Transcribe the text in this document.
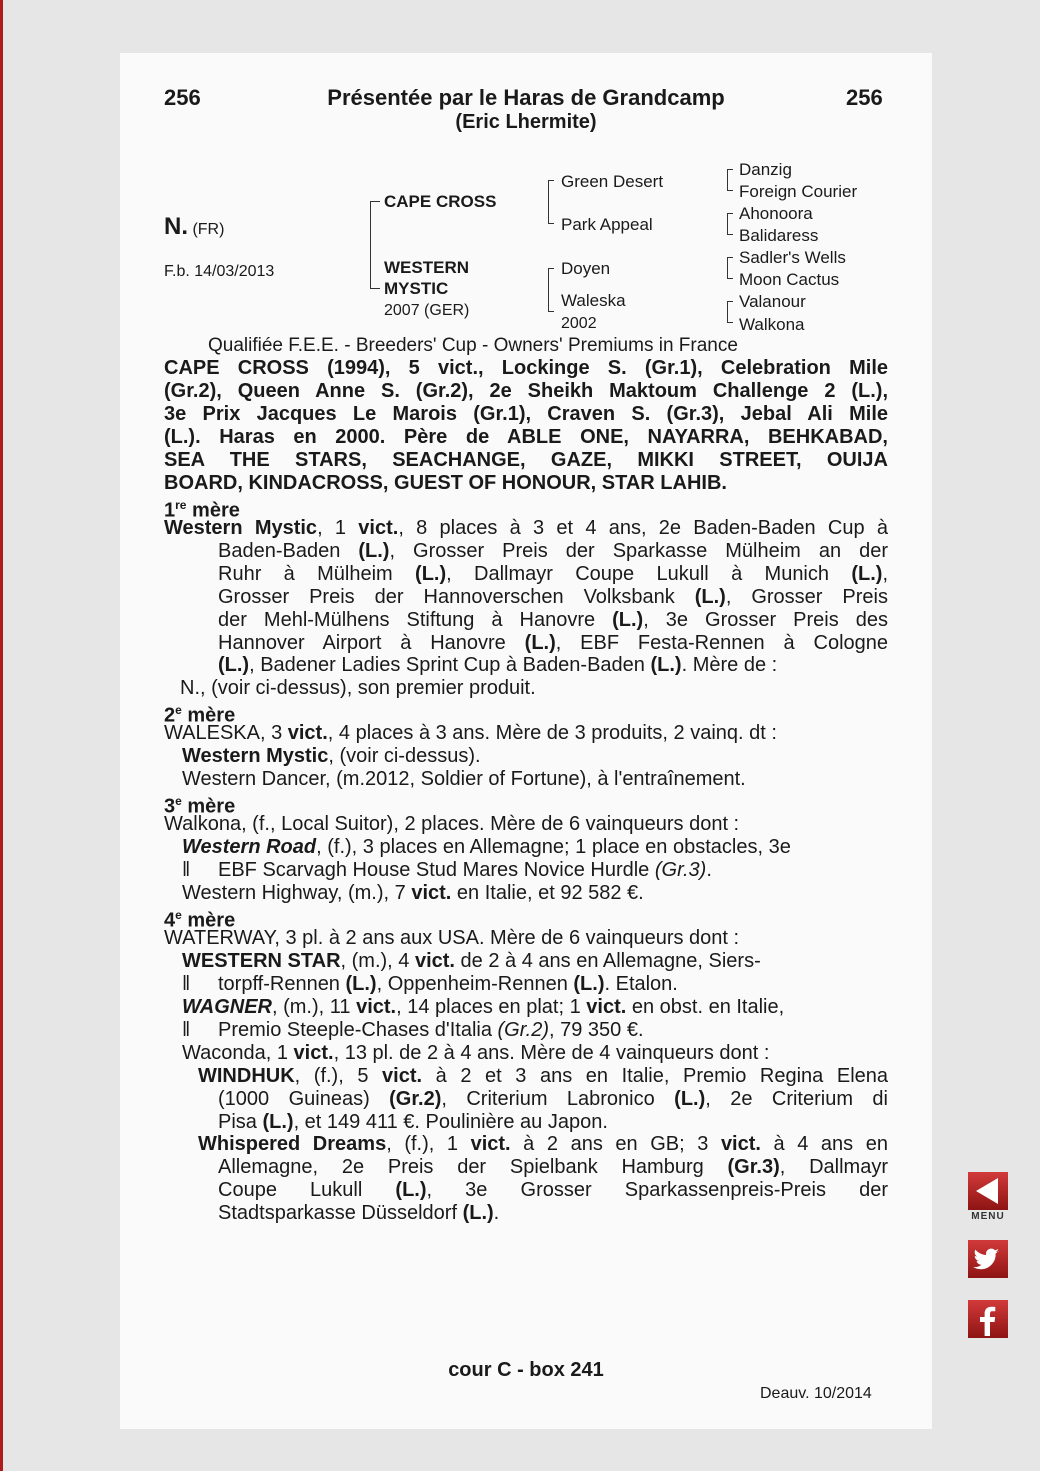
256	256
Présentée par le Haras de Grandcamp
(Eric Lhermite)
N. (FR)
F.b. 14/03/2013
CAPE CROSS
WESTERN
MYSTIC
2007 (GER)
Green Desert
Park Appeal
Doyen
Waleska
2002
Danzig
Foreign Courier
Ahonoora
Balidaress
Sadler's Wells
Moon Cactus
Valanour
Walkona
Qualifiée F.E.E. - Breeders' Cup - Owners' Premiums in France
CAPE CROSS (1994), 5 vict., Lockinge S. (Gr.1), Celebration Mile
(Gr.2), Queen Anne S. (Gr.2), 2e Sheikh Maktoum Challenge 2 (L.),
3e Prix Jacques Le Marois (Gr.1), Craven S. (Gr.3), Jebal Ali Mile
(L.). Haras en 2000. Père de ABLE ONE, NAYARRA, BEHKABAD,
SEA THE STARS, SEACHANGE, GAZE, MIKKI STREET, OUIJA
BOARD, KINDACROSS, GUEST OF HONOUR, STAR LAHIB.
1re mère
Western Mystic, 1 vict., 8 places à 3 et 4 ans, 2e Baden-Baden Cup à
Baden-Baden (L.), Grosser Preis der Sparkasse Mülheim an der
Ruhr à Mülheim (L.), Dallmayr Coupe Lukull à Munich (L.),
Grosser Preis der Hannoverschen Volksbank (L.), Grosser Preis
der Mehl-Mülhens Stiftung à Hanovre (L.), 3e Grosser Preis des
Hannover Airport à Hanovre (L.), EBF Festa-Rennen à Cologne
(L.), Badener Ladies Sprint Cup à Baden-Baden (L.). Mère de :
N., (voir ci-dessus), son premier produit.
2e mère
WALESKA, 3 vict., 4 places à 3 ans. Mère de 3 produits, 2 vainq. dt :
Western Mystic, (voir ci-dessus).
Western Dancer, (m.2012, Soldier of Fortune), à l'entraînement.
3e mère
Walkona, (f., Local Suitor), 2 places. Mère de 6 vainqueurs dont :
Western Road, (f.), 3 places en Allemagne; 1 place en obstacles, 3e
‖ EBF Scarvagh House Stud Mares Novice Hurdle (Gr.3).
Western Highway, (m.), 7 vict. en Italie, et 92 582 €.
4e mère
WATERWAY, 3 pl. à 2 ans aux USA. Mère de 6 vainqueurs dont :
WESTERN STAR, (m.), 4 vict. de 2 à 4 ans en Allemagne, Siers-
‖ torpff-Rennen (L.), Oppenheim-Rennen (L.). Etalon.
WAGNER, (m.), 11 vict., 14 places en plat; 1 vict. en obst. en Italie,
‖ Premio Steeple-Chases d'Italia (Gr.2), 79 350 €.
Waconda, 1 vict., 13 pl. de 2 à 4 ans. Mère de 4 vainqueurs dont :
WINDHUK, (f.), 5 vict. à 2 et 3 ans en Italie, Premio Regina Elena
(1000 Guineas) (Gr.2), Criterium Labronico (L.), 2e Criterium di
Pisa (L.), et 149 411 €. Poulinière au Japon.
Whispered Dreams, (f.), 1 vict. à 2 ans en GB; 3 vict. à 4 ans en
Allemagne, 2e Preis der Spielbank Hamburg (Gr.3), Dallmayr
Coupe Lukull (L.), 3e Grosser Sparkassenpreis-Preis der
Stadtsparkasse Düsseldorf (L.).
cour C - box 241
Deauv. 10/2014
MENU
